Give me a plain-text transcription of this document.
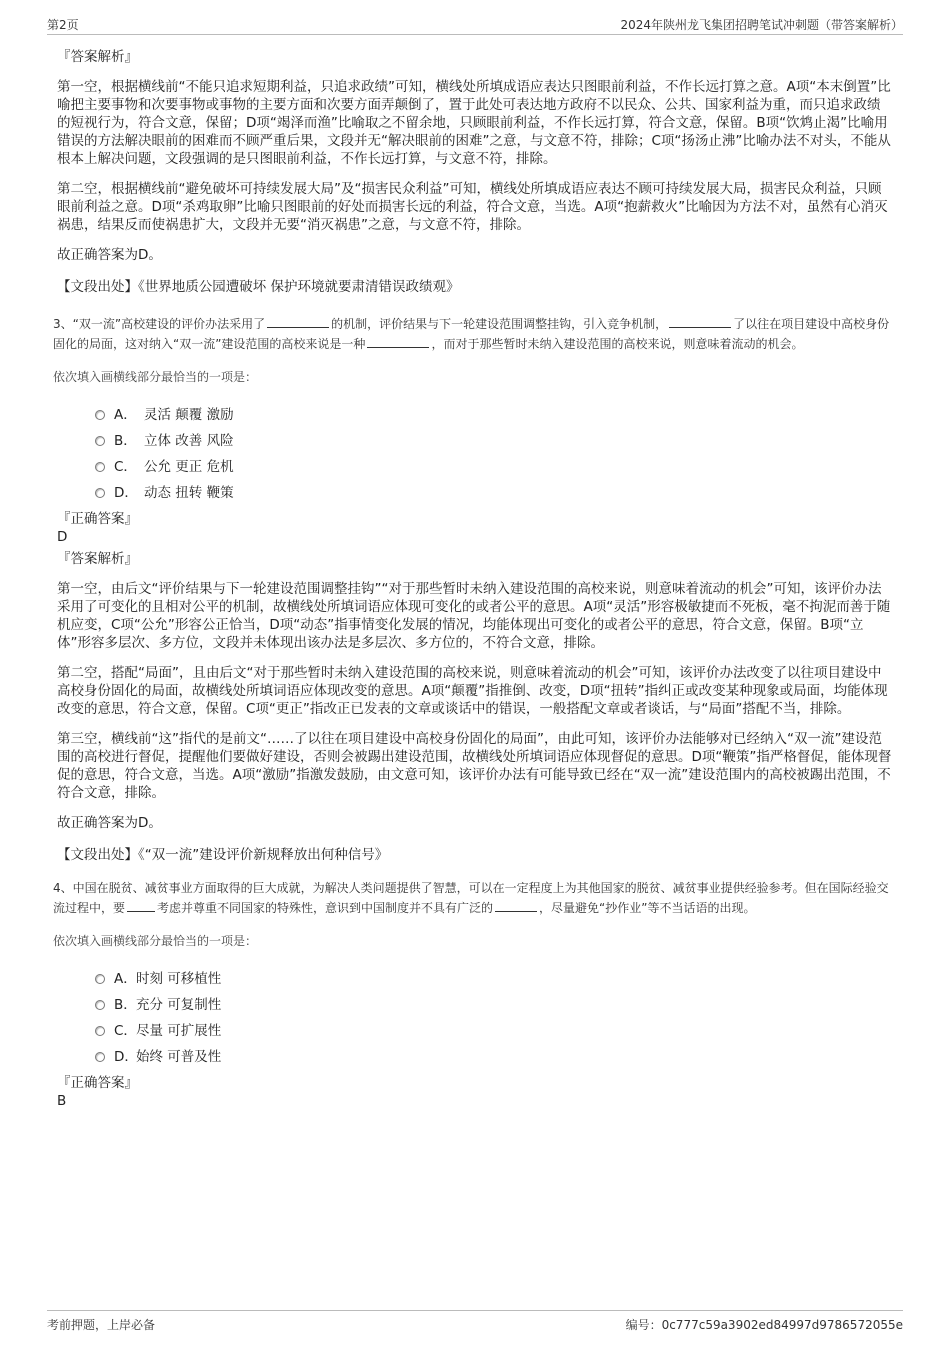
第2页	2024年陕州龙飞集团招聘笔试冲刺题（带答案解析）

『答案解析』

第一空，根据横线前“不能只追求短期利益，只追求政绩”可知，横线处所填成语应表达只图眼前利益，不作长远打算之意。A项“本末倒置”比喻把主要事物和次要事物或事物的主要方面和次要方面弄颠倒了，置于此处可表达地方政府不以民众、公共、国家利益为重，而只追求政绩的短视行为，符合文意，保留；D项“竭泽而渔”比喻取之不留余地，只顾眼前利益，不作长远打算，符合文意，保留。B项“饮鸩止渴”比喻用错误的方法解决眼前的困难而不顾严重后果，文段并无“解决眼前的困难”之意，与文意不符，排除；C项“扬汤止沸”比喻办法不对头，不能从根本上解决问题，文段强调的是只图眼前利益，不作长远打算，与文意不符，排除。

第二空，根据横线前“避免破坏可持续发展大局”及“损害民众利益”可知，横线处所填成语应表达不顾可持续发展大局，损害民众利益，只顾眼前利益之意。D项“杀鸡取卵”比喻只图眼前的好处而损害长远的利益，符合文意，当选。A项“抱薪救火”比喻因为方法不对，虽然有心消灭祸患，结果反而使祸患扩大，文段并无要“消灭祸患”之意，与文意不符，排除。

故正确答案为D。

【文段出处】《世界地质公园遭破坏 保护环境就要肃清错误政绩观》

3、“双一流”高校建设的评价办法采用了	的机制，评价结果与下一轮建设范围调整挂钩，引入竞争机制，	了以往在项目建设中高校身份固化的局面，这对纳入“双一流”建设范围的高校来说是一种	，而对于那些暂时未纳入建设范围的高校来说，则意味着流动的机会。

依次填入画横线部分最恰当的一项是：

A． 灵活 颠覆 激励
B． 立体 改善 风险
C． 公允 更正 危机
D． 动态 扭转 鞭策

『正确答案』

D

『答案解析』

第一空，由后文“评价结果与下一轮建设范围调整挂钩”“对于那些暂时未纳入建设范围的高校来说，则意味着流动的机会”可知，该评价办法采用了可变化的且相对公平的机制，故横线处所填词语应体现可变化的或者公平的意思。A项“灵活”形容极敏捷而不死板，毫不拘泥而善于随机应变，C项“公允”形容公正恰当，D项“动态”指事情变化发展的情况，均能体现出可变化的或者公平的意思，符合文意，保留。B项“立体”形容多层次、多方位，文段并未体现出该办法是多层次、多方位的，不符合文意，排除。

第二空，搭配“局面”，且由后文“对于那些暂时未纳入建设范围的高校来说，则意味着流动的机会”可知，该评价办法改变了以往项目建设中高校身份固化的局面，故横线处所填词语应体现改变的意思。A项“颠覆”指推倒、改变，D项“扭转”指纠正或改变某种现象或局面，均能体现改变的意思，符合文意，保留。C项“更正”指改正已发表的文章或谈话中的错误，一般搭配文章或者谈话，与“局面”搭配不当，排除。

第三空，横线前“这”指代的是前文“……了以往在项目建设中高校身份固化的局面”，由此可知，该评价办法能够对已经纳入“双一流”建设范围的高校进行督促，提醒他们要做好建设，否则会被踢出建设范围，故横线处所填词语应体现督促的意思。D项“鞭策”指严格督促，能体现督促的意思，符合文意，当选。A项“激励”指激发鼓励，由文意可知，该评价办法有可能导致已经在“双一流”建设范围内的高校被踢出范围，不符合文意，排除。

故正确答案为D。

【文段出处】《“双一流”建设评价新规释放出何种信号》

4、中国在脱贫、减贫事业方面取得的巨大成就，为解决人类问题提供了智慧，可以在一定程度上为其他国家的脱贫、减贫事业提供经验参考。但在国际经验交流过程中，要	考虑并尊重不同国家的特殊性，意识到中国制度并不具有广泛的	，尽量避免“抄作业”等不当话语的出现。

依次填入画横线部分最恰当的一项是：

A． 时刻 可移植性
B． 充分 可复制性
C． 尽量 可扩展性
D．
始终 可普及性

『正确答案』

B

考前押题，上岸必备	编号：0c777c59a3902ed84997d9786572055e
